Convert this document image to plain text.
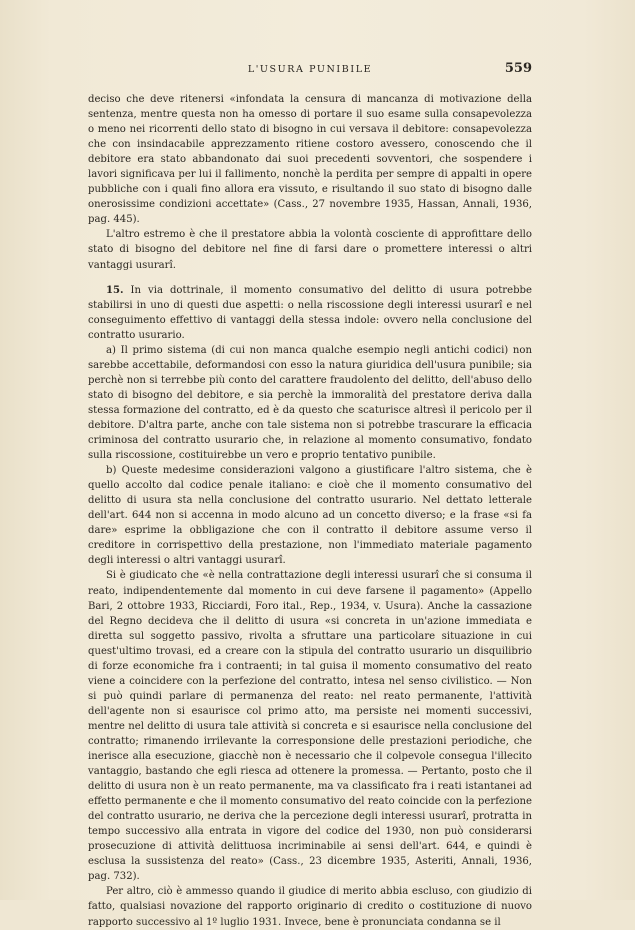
L'USURA PUNIBILE	559

deciso che deve ritenersi «infondata la censura di mancanza di motivazione della sentenza, mentre questa non ha omesso di portare il suo esame sulla consapevolezza o meno nei ricorrenti dello stato di bisogno in cui versava il debitore: consapevolezza che con insindacabile apprezzamento ritiene costoro avessero, conoscendo che il debitore era stato abbandonato dai suoi precedenti sovventori, che sospendere i lavori significava per lui il fallimento, nonchè la perdita per sempre di appalti in opere pubbliche con i quali fino allora era vissuto, e risultando il suo stato di bisogno dalle onerosissime condizioni accettate» (Cass., 27 novembre 1935, Hassan, Annali, 1936, pag. 445).

L'altro estremo è che il prestatore abbia la volontà cosciente di approfittare dello stato di bisogno del debitore nel fine di farsi dare o promettere interessi o altri vantaggi usurarî.

15. In via dottrinale, il momento consumativo del delitto di usura potrebbe stabilirsi in uno di questi due aspetti: o nella riscossione degli interessi usurarî e nel conseguimento effettivo di vantaggi della stessa indole: ovvero nella conclusione del contratto usurario.

a) Il primo sistema (di cui non manca qualche esempio negli antichi codici) non sarebbe accettabile, deformandosi con esso la natura giuridica dell'usura punibile; sia perchè non si terrebbe più conto del carattere fraudolento del delitto, dell'abuso dello stato di bisogno del debitore, e sia perchè la immoralità del prestatore deriva dalla stessa formazione del contratto, ed è da questo che scaturisce altresì il pericolo per il debitore. D'altra parte, anche con tale sistema non si potrebbe trascurare la efficacia criminosa del contratto usurario che, in relazione al momento consumativo, fondato sulla riscossione, costituirebbe un vero e proprio tentativo punibile.

b) Queste medesime considerazioni valgono a giustificare l'altro sistema, che è quello accolto dal codice penale italiano: e cioè che il momento consumativo del delitto di usura sta nella conclusione del contratto usurario. Nel dettato letterale dell'art. 644 non si accenna in modo alcuno ad un concetto diverso; e la frase «si fa dare» esprime la obbligazione che con il contratto il debitore assume verso il creditore in corrispettivo della prestazione, non l'immediato materiale pagamento degli interessi o altri vantaggi usurarî.

Si è giudicato che «è nella contrattazione degli interessi usurarî che si consuma il reato, indipendentemente dal momento in cui deve farsene il pagamento» (Appello Bari, 2 ottobre 1933, Ricciardi, Foro ital., Rep., 1934, v. Usura). Anche la cassazione del Regno decideva che il delitto di usura «si concreta in un'azione immediata e diretta sul soggetto passivo, rivolta a sfruttare una particolare situazione in cui quest'ultimo trovasi, ed a creare con la stipula del contratto usurario un disquilibrio di forze economiche fra i contraenti; in tal guisa il momento consumativo del reato viene a coincidere con la perfezione del contratto, intesa nel senso civilistico. — Non si può quindi parlare di permanenza del reato: nel reato permanente, l'attività dell'agente non si esaurisce col primo atto, ma persiste nei momenti successivi, mentre nel delitto di usura tale attività si concreta e si esaurisce nella conclusione del contratto; rimanendo irrilevante la corresponsione delle prestazioni periodiche, che inerisce alla esecuzione, giacchè non è necessario che il colpevole consegua l'illecito vantaggio, bastando che egli riesca ad ottenere la promessa. — Pertanto, posto che il delitto di usura non è un reato permanente, ma va classificato fra i reati istantanei ad effetto permanente e che il momento consumativo del reato coincide con la perfezione del contratto usurario, ne deriva che la percezione degli interessi usurarî, protratta in tempo successivo alla entrata in vigore del codice del 1930, non può considerarsi prosecuzione di attività delittuosa incriminabile ai sensi dell'art. 644, e quindi è esclusa la sussistenza del reato» (Cass., 23 dicembre 1935, Asteriti, Annali, 1936, pag. 732).

Per altro, ciò è ammesso quando il giudice di merito abbia escluso, con giudizio di fatto, qualsiasi novazione del rapporto originario di credito o costituzione di nuovo rapporto successivo al 1º luglio 1931. Invece, bene è pronunciata condanna se il
